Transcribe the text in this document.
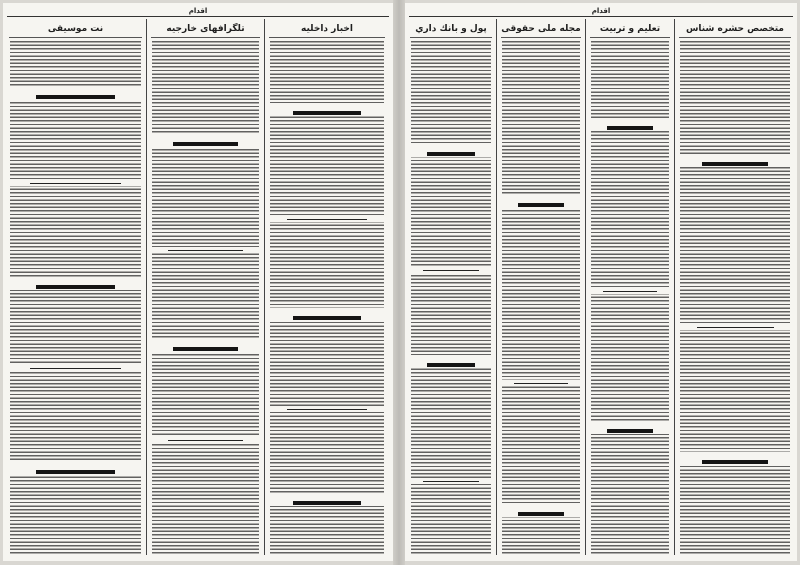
اقدام
اخبار داخلیه
تلگرافهای خارجیه
نت موسیقی
اقدام
متخصص حشره شناس
تعلیم و تربیت
مجله ملی حقوقی
پول و بانك داري
